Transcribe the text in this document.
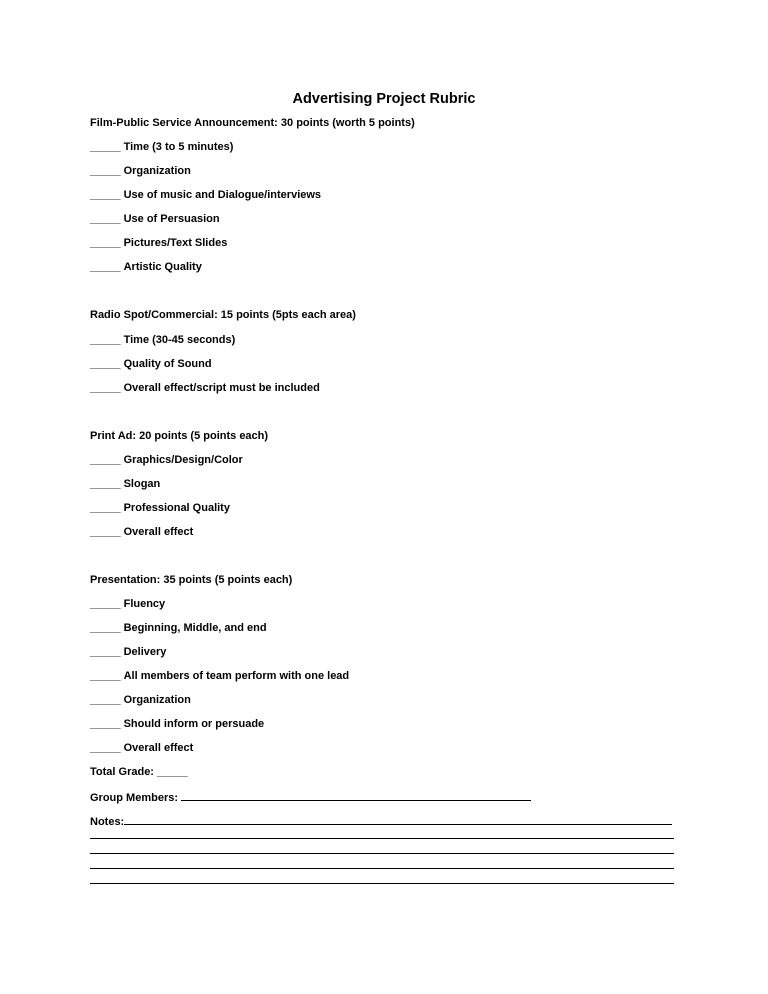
Advertising Project Rubric
Film-Public Service Announcement: 30 points (worth 5 points)
_____ Time (3 to 5 minutes)
_____ Organization
_____ Use of music and Dialogue/interviews
_____ Use of Persuasion
_____ Pictures/Text Slides
_____ Artistic Quality
Radio Spot/Commercial: 15 points (5pts each area)
_____ Time (30-45 seconds)
_____ Quality of Sound
_____ Overall effect/script must be included
Print Ad: 20 points (5 points each)
_____ Graphics/Design/Color
_____ Slogan
_____ Professional Quality
_____ Overall effect
Presentation: 35 points (5 points each)
_____ Fluency
_____ Beginning, Middle, and end
_____ Delivery
_____ All members of team perform with one lead
_____ Organization
_____ Should inform or persuade
_____ Overall effect
Total Grade: _____
Group Members:
Notes:
